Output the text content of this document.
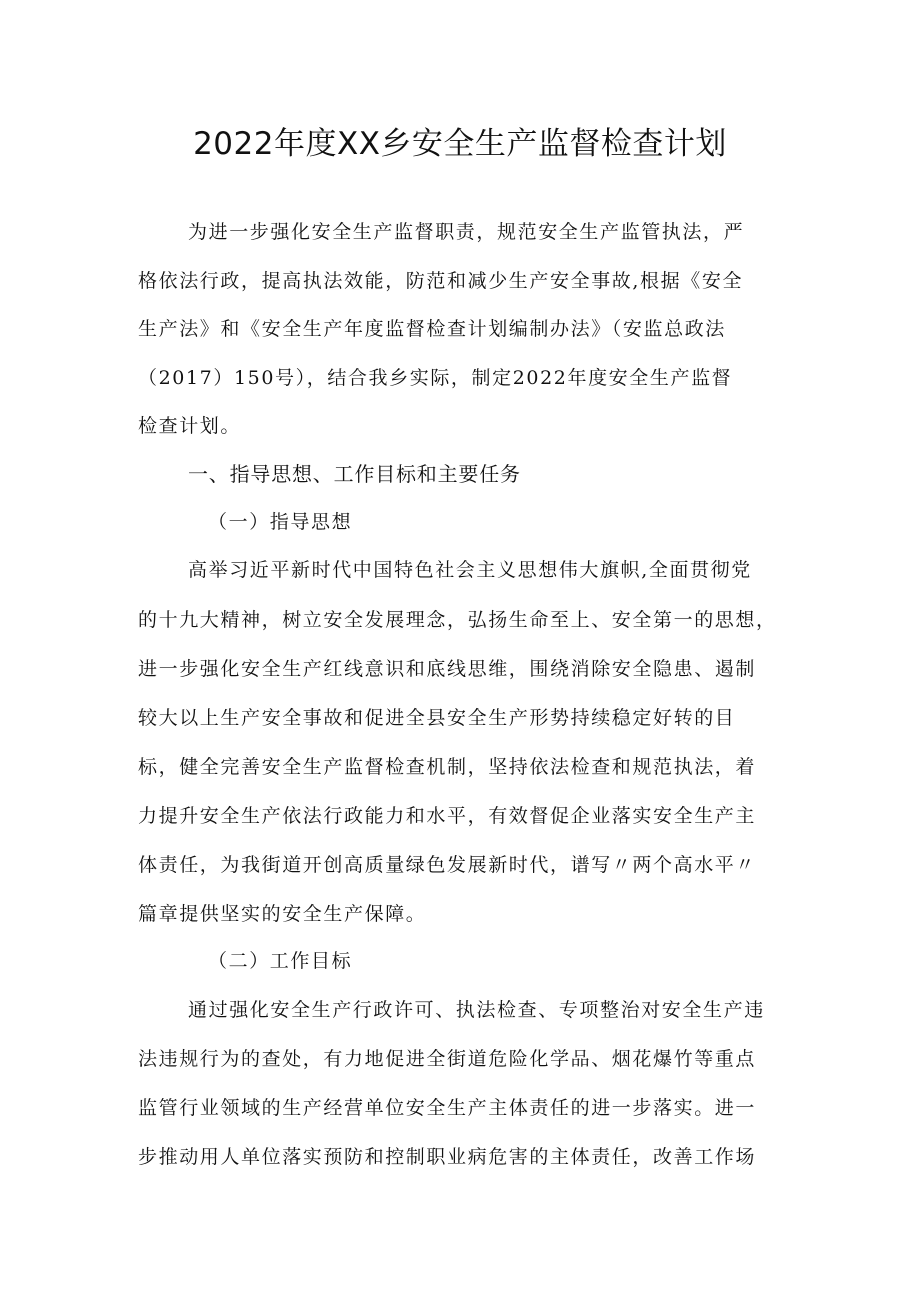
2022年度XX乡安全生产监督检查计划
为进一步强化安全生产监督职责，规范安全生产监管执法，严
格依法行政，提高执法效能，防范和减少生产安全事故,根据《安全
生产法》和《安全生产年度监督检查计划编制办法》（安监总政法
（2017）150号），结合我乡实际，制定2022年度安全生产监督
检查计划。
一、指导思想、工作目标和主要任务
（一）指导思想
高举习近平新时代中国特色社会主义思想伟大旗帜,全面贯彻党
的十九大精神，树立安全发展理念，弘扬生命至上、安全第一的思想，
进一步强化安全生产红线意识和底线思维，围绕消除安全隐患、遏制
较大以上生产安全事故和促进全县安全生产形势持续稳定好转的目
标，健全完善安全生产监督检查机制，坚持依法检查和规范执法，着
力提升安全生产依法行政能力和水平，有效督促企业落实安全生产主
体责任，为我街道开创高质量绿色发展新时代，谱写〃两个高水平〃
篇章提供坚实的安全生产保障。
（二）工作目标
通过强化安全生产行政许可、执法检查、专项整治对安全生产违
法违规行为的查处，有力地促进全街道危险化学品、烟花爆竹等重点
监管行业领域的生产经营单位安全生产主体责任的进一步落实。进一
步推动用人单位落实预防和控制职业病危害的主体责任，改善工作场
